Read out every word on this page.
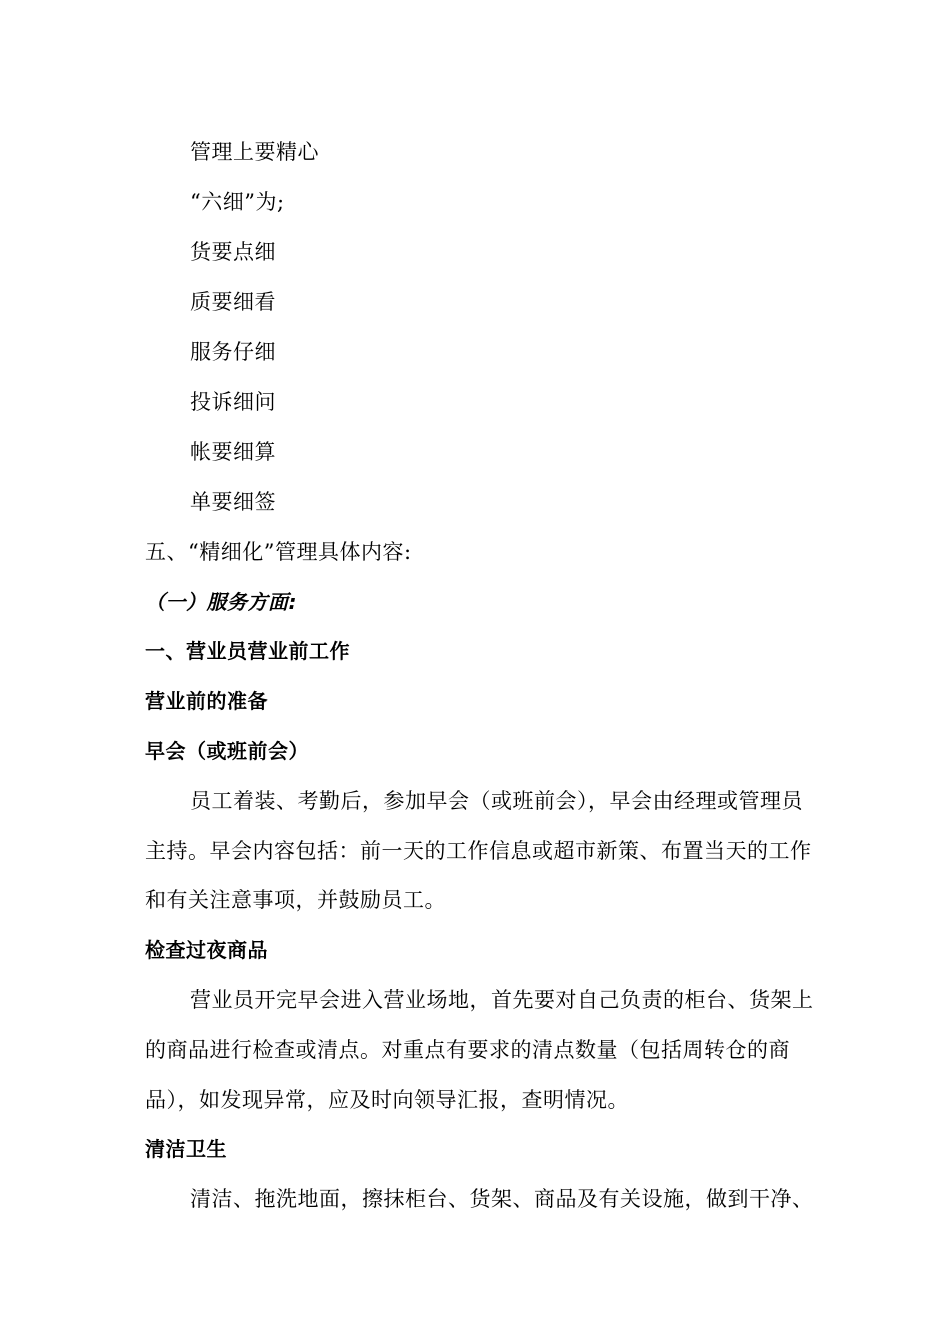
管理上要精心
“六细”为;
货要点细
质要细看
服务仔细
投诉细问
帐要细算
单要细签
五、“精细化”管理具体内容:
（一）服务方面:
一、营业员营业前工作
营业前的准备
早会（或班前会）
员工着装、考勤后，参加早会（或班前会），早会由经理或管理员
主持。早会内容包括：前一天的工作信息或超市新策、布置当天的工作
和有关注意事项，并鼓励员工。
检查过夜商品
营业员开完早会进入营业场地，首先要对自己负责的柜台、货架上
的商品进行检查或清点。对重点有要求的清点数量（包括周转仓的商
品），如发现异常，应及时向领导汇报，查明情况。
清洁卫生
清洁、拖洗地面，擦抹柜台、货架、商品及有关设施，做到干净、
